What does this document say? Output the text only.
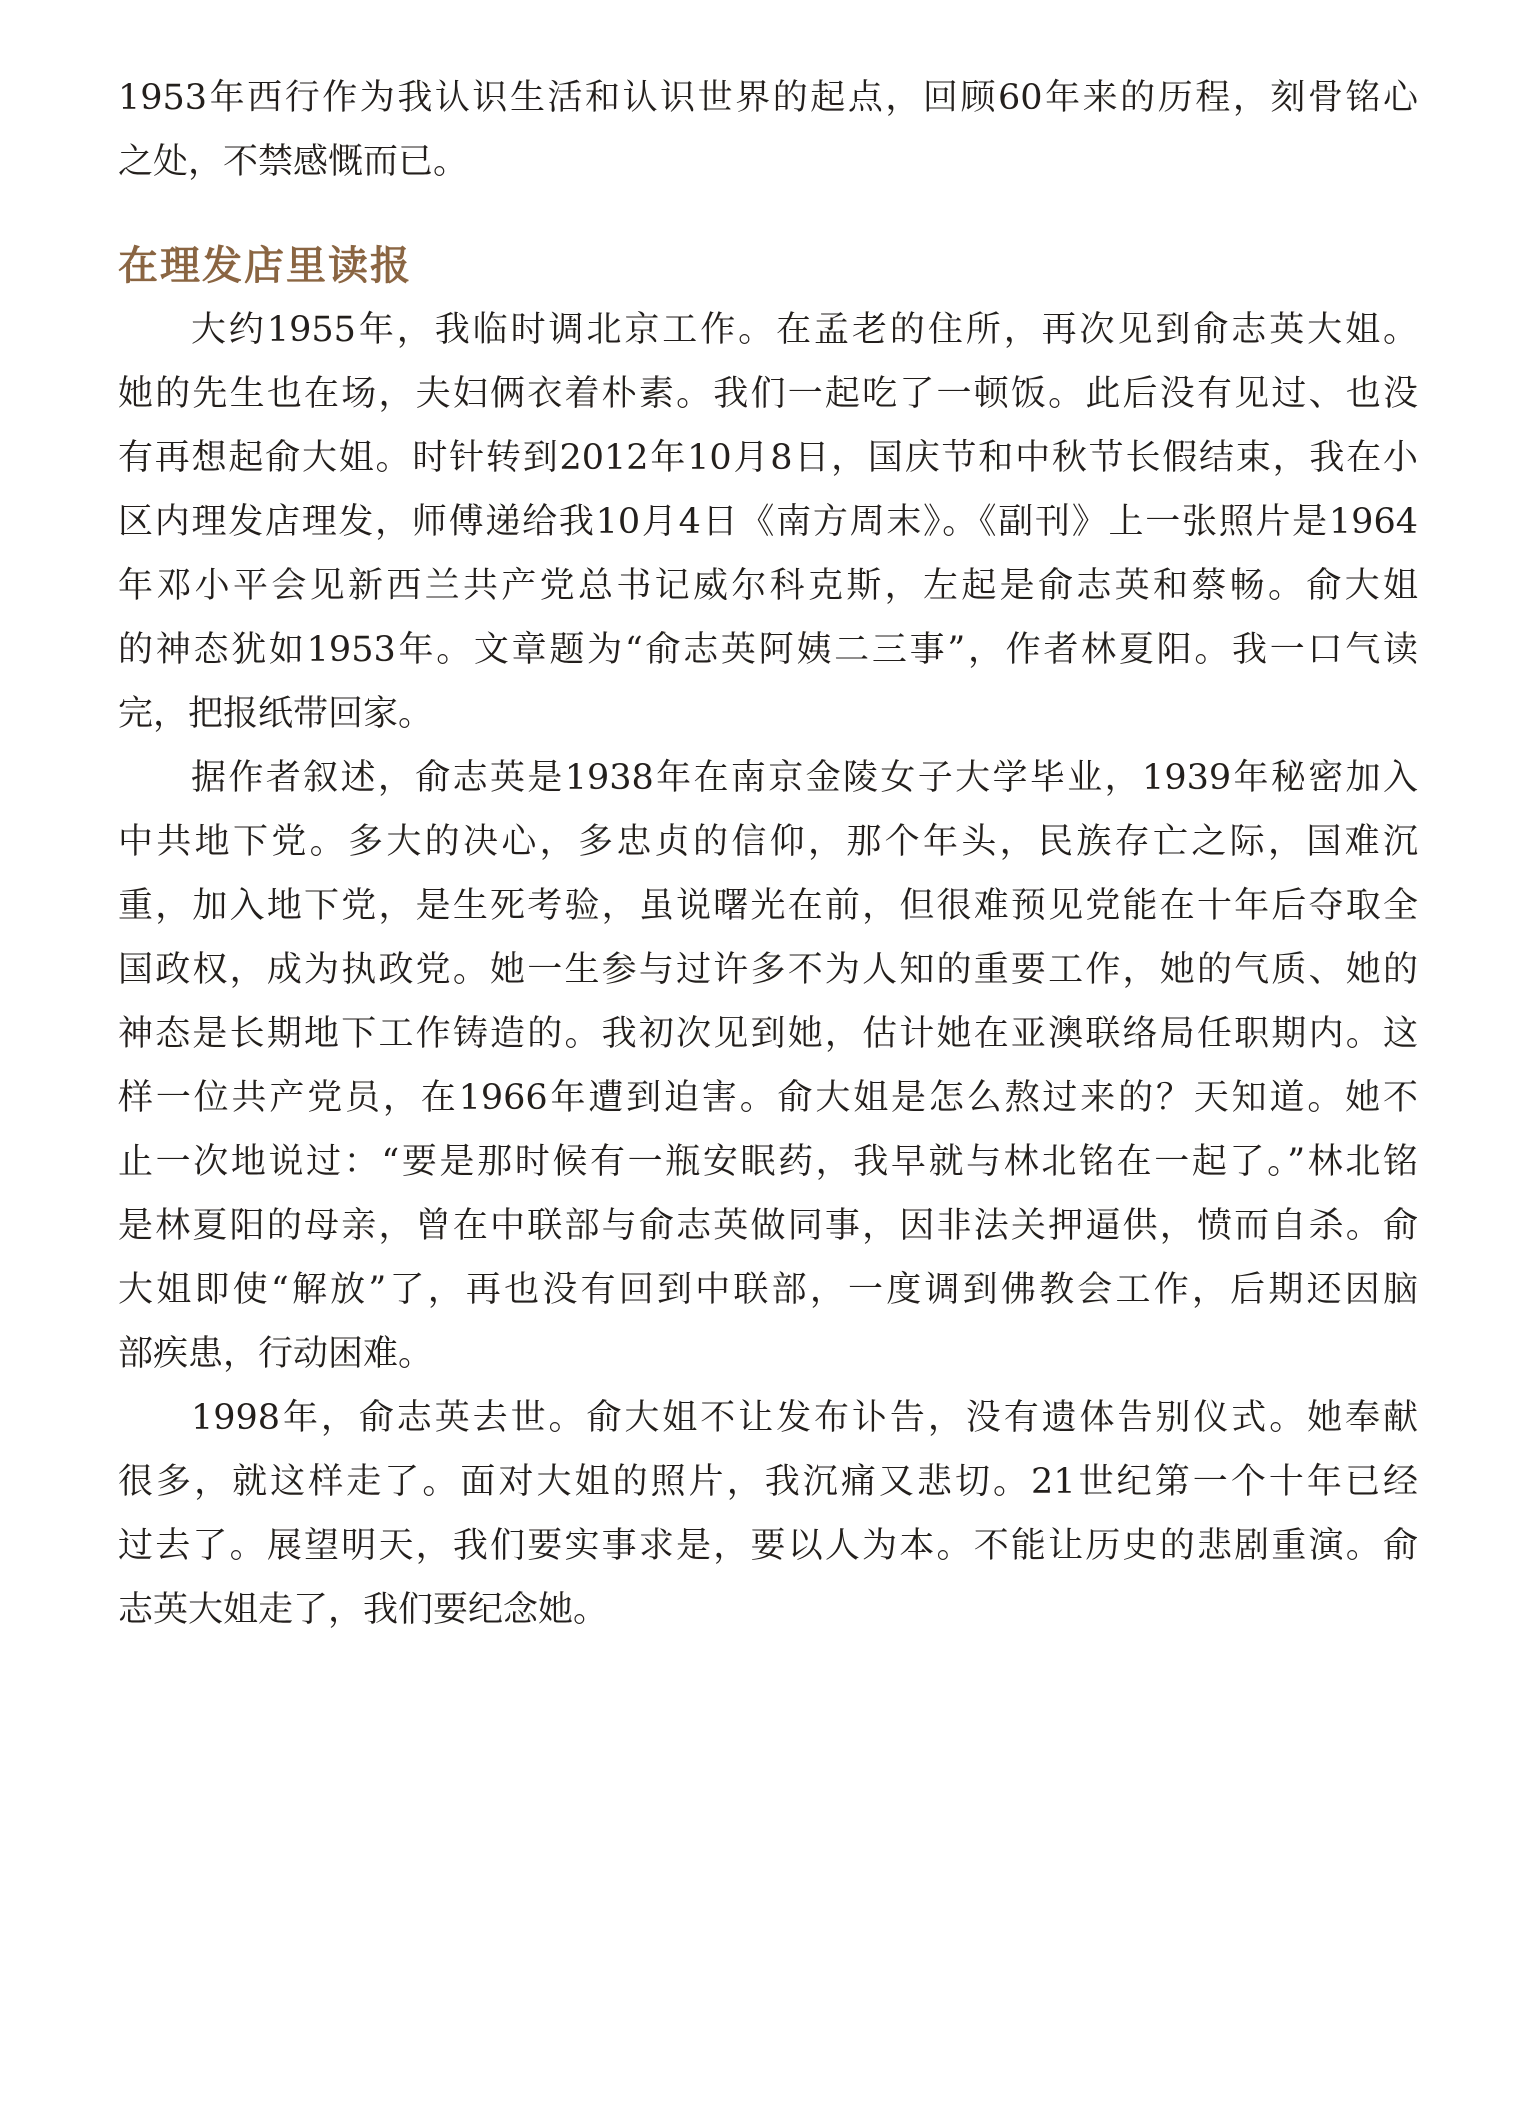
1953年西行作为我认识生活和认识世界的起点，回顾60年来的历程，刻骨铭心

之处，不禁感慨而已。

在理发店里读报

大约1955年，我临时调北京工作。在孟老的住所，再次见到俞志英大姐。

她的先生也在场，夫妇俩衣着朴素。我们一起吃了一顿饭。此后没有见过、也没

有再想起俞大姐。时针转到2012年10月8日，国庆节和中秋节长假结束，我在小

区内理发店理发，师傅递给我10月4日《南方周末》。《副刊》上一张照片是1964

年邓小平会见新西兰共产党总书记威尔科克斯，左起是俞志英和蔡畅。俞大姐

的神态犹如1953年。文章题为“俞志英阿姨二三事”，作者林夏阳。我一口气读

完，把报纸带回家。

据作者叙述，俞志英是1938年在南京金陵女子大学毕业，1939年秘密加入

中共地下党。多大的决心，多忠贞的信仰，那个年头，民族存亡之际，国难沉

重，加入地下党，是生死考验，虽说曙光在前，但很难预见党能在十年后夺取全

国政权，成为执政党。她一生参与过许多不为人知的重要工作，她的气质、她的

神态是长期地下工作铸造的。我初次见到她，估计她在亚澳联络局任职期内。这

样一位共产党员，在1966年遭到迫害。俞大姐是怎么熬过来的？天知道。她不

止一次地说过：“要是那时候有一瓶安眠药，我早就与林北铭在一起了。”林北铭

是林夏阳的母亲，曾在中联部与俞志英做同事，因非法关押逼供，愤而自杀。俞

大姐即使“解放”了，再也没有回到中联部，一度调到佛教会工作，后期还因脑

部疾患，行动困难。

1998年，俞志英去世。俞大姐不让发布讣告，没有遗体告别仪式。她奉献

很多，就这样走了。面对大姐的照片，我沉痛又悲切。21世纪第一个十年已经

过去了。展望明天，我们要实事求是，要以人为本。不能让历史的悲剧重演。俞

志英大姐走了，我们要纪念她。
